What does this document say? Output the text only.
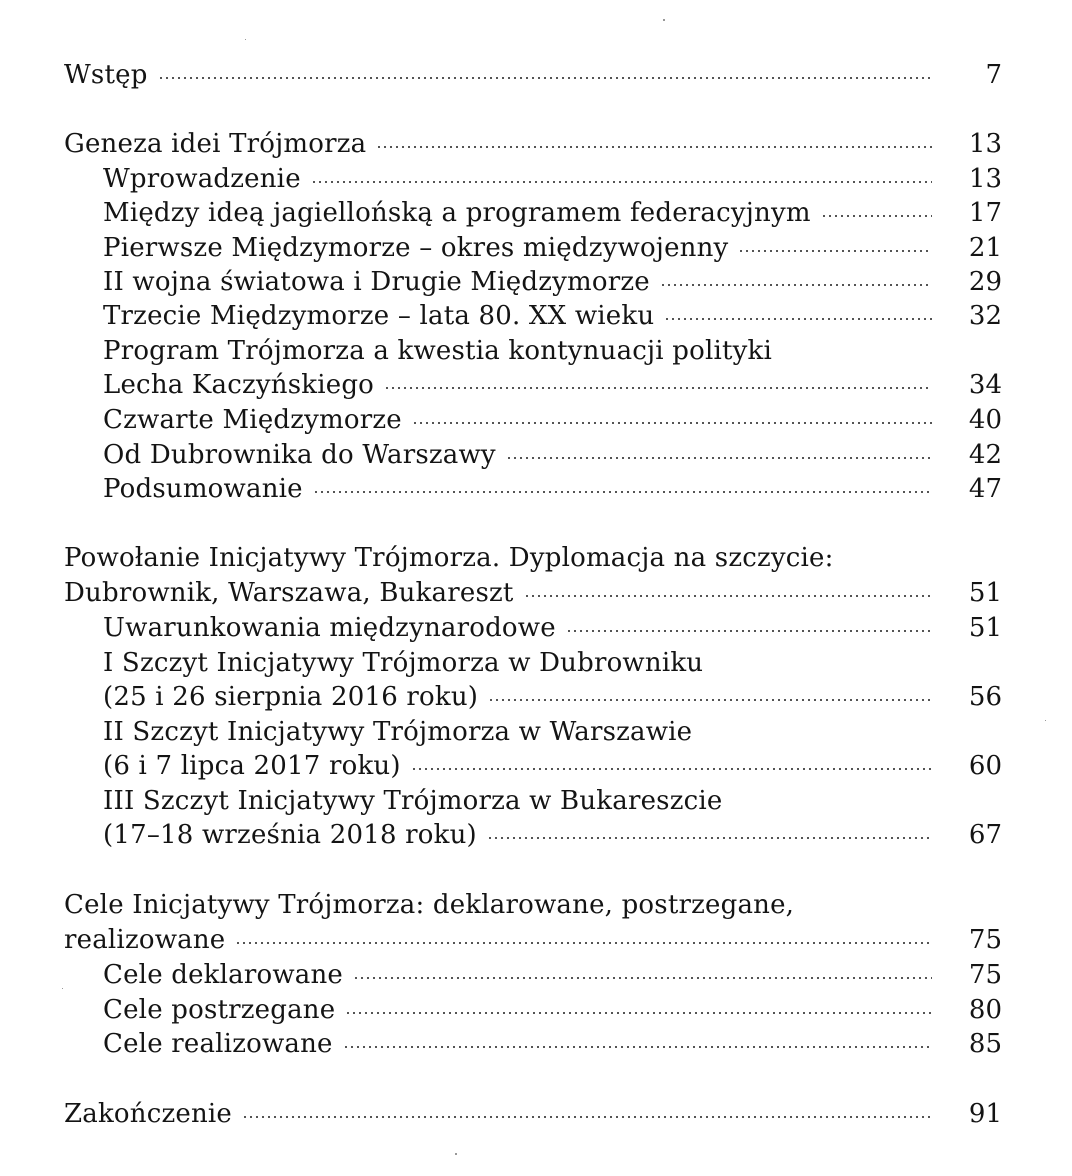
Wstęp	7
Geneza idei Trójmorza	13
Wprowadzenie	13
Między ideą jagiellońską a programem federacyjnym	17
Pierwsze Międzymorze – okres międzywojenny	21
II wojna światowa i Drugie Międzymorze	29
Trzecie Międzymorze – lata 80. XX wieku	32
Program Trójmorza a kwestia kontynuacji polityki
Lecha Kaczyńskiego	34
Czwarte Międzymorze	40
Od Dubrownika do Warszawy	42
Podsumowanie	47
Powołanie Inicjatywy Trójmorza. Dyplomacja na szczycie:
Dubrownik, Warszawa, Bukareszt	51
Uwarunkowania międzynarodowe	51
I Szczyt Inicjatywy Trójmorza w Dubrowniku
(25 i 26 sierpnia 2016 roku)	56
II Szczyt Inicjatywy Trójmorza w Warszawie
(6 i 7 lipca 2017 roku)	60
III Szczyt Inicjatywy Trójmorza w Bukareszcie
(17–18 września 2018 roku)	67
Cele Inicjatywy Trójmorza: deklarowane, postrzegane,
realizowane	75
Cele deklarowane	75
Cele postrzegane	80
Cele realizowane	85
Zakończenie	91
